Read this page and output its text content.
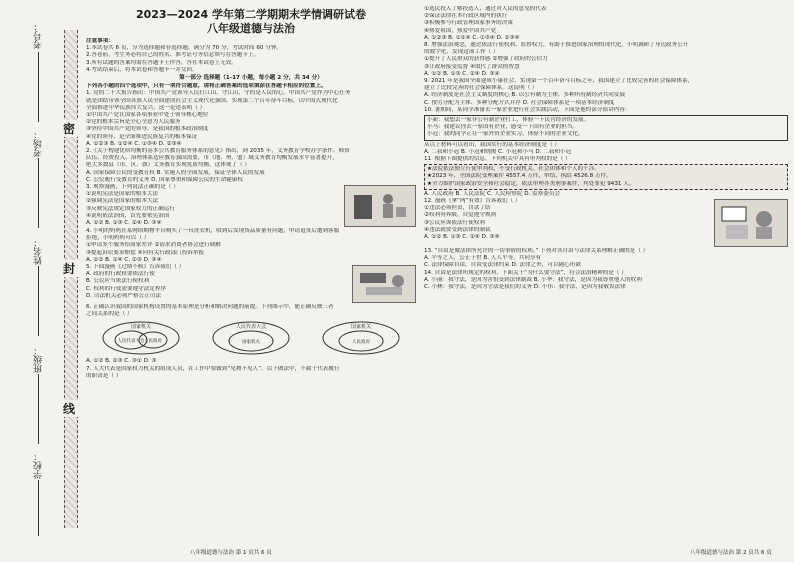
考号：
考场：
姓名：
班级：
学校：
密
封
线
2023—2024 学年第二学期期末学情调研试卷
八年级道德与法治
注意事项：
1.本试卷共 6 页，分为选择题和非选择题，满分为 70 分，考试时间 60 分钟。
2.答卷前，考生务必将自己的姓名、准考证号等信息填写在答题卡上。
3.所有试题的答案均需在答题卡上作答，答在本试卷上无效。
4.考试结束后，将本试卷和答题卡一并交回。
第一部分 选择题（1-17 小题，每小题 2 分，共 34 分）
下列各小题的四个选项中，只有一项符合题意，请将正确答案的选项填涂在答题卡相应的位置上。
1. 党的二十大报告指出：中国共产党领导人民打江山、守江山，守的是人民的心。中国共产党作为中心任务
就是团结带领全国各族人民全面建成社会主义现代化强国、实现第二个百年奋斗目标，以中国式现代化
全面推进中华民族伟大复兴。这一论述表明（ ）
①中国共产党在国家各项事业中处于领导核心地位
②党的根本宗旨是全心全意为人民服务
③坚持中国共产党的领导，是我国的根本政治制度
④党的领导，是全面推进民族复兴的根本保证
A. ①②③ B. ①②④ C. ①③④ D. ②③④
2.《关于构建优质均衡的基本公共教育服务体系的意见》指出，到 2035 年，义务教育学校办学条件、师资
队伍、经费投入、治理体系适应教育强国需要，市（地、州、盟）域义务教育均衡发展水平显著提升，
绝大多数县（市、区、旗）义务教育实现优质均衡。这体现了（ ）
A. 国家保障公民的受教育权 B. 实施人的全面发展，保证全体人民的发展
C. 公民履行受教育的义务 D. 国家尊重和保障公民的生命健康权
3. 观察漫画，下列说法正确的是（ ）
①说明宪法是国家的根本大法
②强调宪法是国家的根本大法
③反映宪法规定国家权力的正确运行
④说明依法治国，首先要依宪治国
A. ①② B. ①③ C. ②④ D. ③④
4. 小明的妈妈在某网络购物平台购买了一台洗衣机，收到后发现货品质量有问题，申请退货后遭到客服
拒绝，小明妈妈可以（ ）
①申请多个服务给商家差评 ②请求消费者协会进行调解
③提起诉讼要求赔偿 ④向有关行政部门投诉举报
A. ①② B. ①④ C. ②③ D. ③④
5. 下面漫画《过期不候》告诉我们（ ）
A. 政府的行政权要依法行使
B. 公民应当依法行使权利
C. 权利的行使需要遵守法定程序
D. 司法机关必须严格公正司法
6. 正确认识我国的国家机构设置的基本原理是分析和解决问题的前提。下列图示中，能正确反映三者
之间关系的是（ ）
国家机关
人民代表大会 人民政府
人民代表大会
国家机关
国家机关
人民政府
A. ①② B. ②③ C. ③① D. ③
7. 人大代表是国家权力机关的组成人员，在工作中要做到“见物不见人”。以下做法中，不属于代表履行
的职责是（ ）
八年级道德与法治 第 1 页共 6 页
①选民投入了解投选人，通过对人民的意见的代表
②保证法律在本行政区域内的执行
③积极参与行政管理国家事务的决策
④热爱祖国，热爱中国共产党
A. ①②③ B. ①②④ C. ①③④ D. ②③④
8. 增强法治观念，通过依法行使权利、监督权力，有助于推进国家治理的现代化，小明调研了身边政务公开
的数字化，发现这项工作（ ）
①提升了人民群众的获得感 ②增强了政府的公信力
③让政府接受监督 ④取代了群众的智慧
A. ①② B. ①③ C. ②④ D. ③④
9. 2021 年是我国全面建成小康社会、实现第一个百年奋斗目标之年，我国建立了比较完善的社会保障体系，
建立了比较完善的社会保障体系。这说明（ ）
A. 经济制度是社会主义制度的核心 B. 以公有制为主体、多种所有制经济共同发展
C. 按劳分配为主体、多种分配方式并存 D. 社会保障体系是一项基本经济制度
10. 暑期间，某同学准备去一家企业进行社会实践活动，下面是他的部分演讲内容：
小新：我想去一家非公有制企业打工，体验一下民营经济的发展。
小马：我建议你去一家国有企业，感受一下国有企业的担当。
小冠：我的同学正在一家外资企业实习，体验不同的企业文化。
从以上材料可以看出，我国实行的基本经济制度是（ ）
A. 二叔和小冠 B. 小冠和晓俊 C. 小冠和小马 D. 二叔和小冠
11. 根据下图提供的信息，下列机关中具有审判权的是（ ）
★法院依法独立行使审判权，不受行政机关、社会团体和个人的干涉。
★2023 年，全国法院受理案件 4557.4 万件，审结、执结 4526.8 万件。
★全力维护国家政治安全和社会稳定，依法审理各类刑事案件，判处罪犯 9431 人。
A. 人民政府 B. 人民法院 C. 人民检察院 D. 监察委员会
12. 漫画《拿“两”有效》告诉我们（ ）
①违法必须担责，罚款了结
②权利有界限，自觉遵守规则
③公民应该依法行使权利
④违法就要受到法律的制裁
A. ①② B. ①③ C. ②④ D. ③④
13. “自由是做法律所允许的一切事情的权利。” 下列对各自由与法律关系理解正确的是（ ）
A. 平等之人，公正于世 B. 人人平等，共同享有
C. 法律保障自由，自由受法律约束 D. 法律之外，可以随心所欲
14. 自由是法律所规定的权利，下面关于“为什么要守法”，符合法治精神的是（ ）
A. 小丽：我守法，是因为害怕受到法律制裁 B. 小华：我守法，是因为我尊重他人的权利
C. 小林：我守法，是因为守法是我们的义务 D. 小伟：我守法，是因为我敬畏法律
八年级道德与法治 第 2 页共 6 页
